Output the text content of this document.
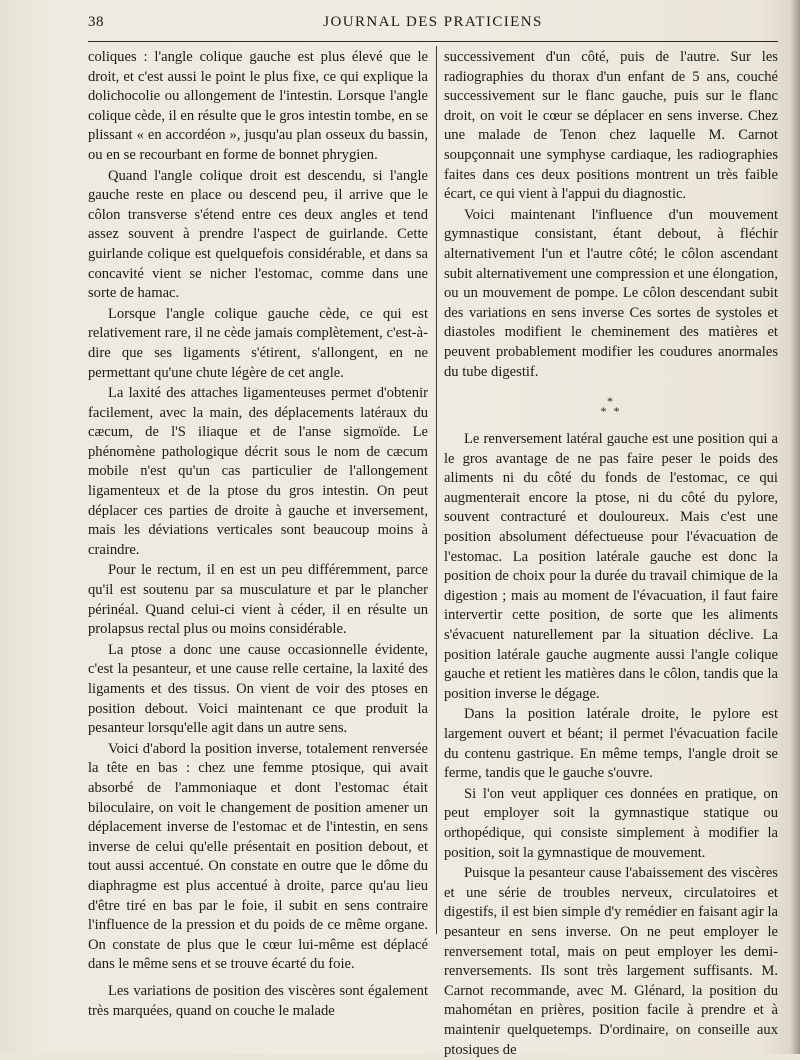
38	JOURNAL DES PRATICIENS

coliques : l'angle colique gauche est plus élevé que le droit, et c'est aussi le point le plus fixe, ce qui explique la dolichocolie ou allongement de l'intestin. Lorsque l'angle colique cède, il en résulte que le gros intestin tombe, en se plissant « en accordéon », jusqu'au plan osseux du bassin, ou en se recourbant en forme de bonnet phrygien.

Quand l'angle colique droit est descendu, si l'angle gauche reste en place ou descend peu, il arrive que le côlon transverse s'étend entre ces deux angles et tend assez souvent à prendre l'aspect de guirlande. Cette guirlande colique est quelquefois considérable, et dans sa concavité vient se nicher l'estomac, comme dans une sorte de hamac.

Lorsque l'angle colique gauche cède, ce qui est relativement rare, il ne cède jamais complètement, c'est-à-dire que ses ligaments s'étirent, s'allongent, en ne permettant qu'une chute légère de cet angle.

La laxité des attaches ligamenteuses permet d'obtenir facilement, avec la main, des déplacements latéraux du cæcum, de l'S iliaque et de l'anse sigmoïde. Le phénomène pathologique décrit sous le nom de cæcum mobile n'est qu'un cas particulier de l'allongement ligamenteux et de la ptose du gros intestin. On peut déplacer ces parties de droite à gauche et inversement, mais les déviations verticales sont beaucoup moins à craindre.

Pour le rectum, il en est un peu différemment, parce qu'il est soutenu par sa musculature et par le plancher périnéal. Quand celui-ci vient à céder, il en résulte un prolapsus rectal plus ou moins considérable.

La ptose a donc une cause occasionnelle évidente, c'est la pesanteur, et une cause relle certaine, la laxité des ligaments et des tissus. On vient de voir des ptoses en position debout. Voici maintenant ce que produit la pesanteur lorsqu'elle agit dans un autre sens.

Voici d'abord la position inverse, totalement renversée la tête en bas : chez une femme ptosique, qui avait absorbé de l'ammoniaque et dont l'estomac était biloculaire, on voit le changement de position amener un déplacement inverse de l'estomac et de l'intestin, en sens inverse de celui qu'elle présentait en position debout, et tout aussi accentué. On constate en outre que le dôme du diaphragme est plus accentué à droite, parce qu'au lieu d'être tiré en bas par le foie, il subit en sens contraire l'influence de la pression et du poids de ce même organe. On constate de plus que le cœur lui-même est déplacé dans le même sens et se trouve écarté du foie.

Les variations de position des viscères sont également très marquées, quand on couche le malade

successivement d'un côté, puis de l'autre. Sur les radiographies du thorax d'un enfant de 5 ans, couché successivement sur le flanc gauche, puis sur le flanc droit, on voit le cœur se déplacer en sens inverse. Chez une malade de Tenon chez laquelle M. Carnot soupçonnait une symphyse cardiaque, les radiographies faites dans ces deux positions montrent un très faible écart, ce qui vient à l'appui du diagnostic.

Voici maintenant l'influence d'un mouvement gymnastique consistant, étant debout, à fléchir alternativement l'un et l'autre côté; le côlon ascendant subit alternativement une compression et une élongation, ou un mouvement de pompe. Le côlon descendant subit des variations en sens inverse Ces sortes de systoles et diastoles modifient le cheminement des matières et peuvent probablement modifier les coudures anormales du tube digestif.

*
* *

Le renversement latéral gauche est une position qui a le gros avantage de ne pas faire peser le poids des aliments ni du côté du fonds de l'estomac, ce qui augmenterait encore la ptose, ni du côté du pylore, souvent contracturé et douloureux. Mais c'est une position absolument défectueuse pour l'évacuation de l'estomac. La position latérale gauche est donc la position de choix pour la durée du travail chimique de la digestion ; mais au moment de l'évacuation, il faut faire intervertir cette position, de sorte que les aliments s'évacuent naturellement par la situation déclive. La position latérale gauche augmente aussi l'angle colique gauche et retient les matières dans le côlon, tandis que la position inverse le dégage.

Dans la position latérale droite, le pylore est largement ouvert et béant; il permet l'évacuation facile du contenu gastrique. En même temps, l'angle droit se ferme, tandis que le gauche s'ouvre.

Si l'on veut appliquer ces données en pratique, on peut employer soit la gymnastique statique ou orthopédique, qui consiste simplement à modifier la position, soit la gymnastique de mouvement.

Puisque la pesanteur cause l'abaissement des viscères et une série de troubles nerveux, circulatoires et digestifs, il est bien simple d'y remédier en faisant agir la pesanteur en sens inverse. On ne peut employer le renversement total, mais on peut employer les demi-renversements. Ils sont très largement suffisants. M. Carnot recommande, avec M. Glénard, la position du mahométan en prières, position facile à prendre et à maintenir quelquetemps. D'ordinaire, on conseille aux ptosiques de
